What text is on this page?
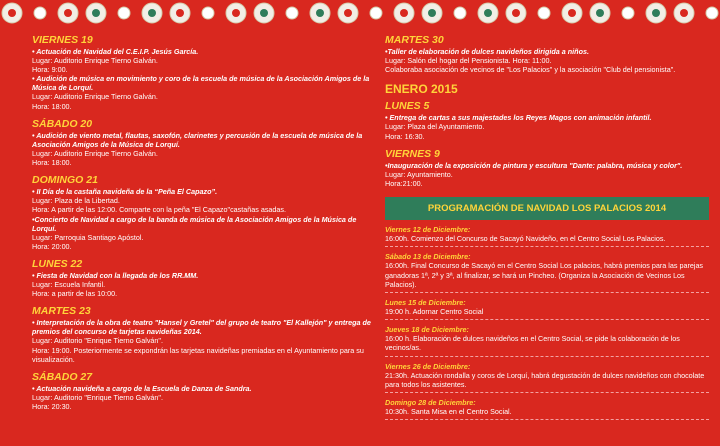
VIERNES 19
• Actuación de Navidad del C.E.I.P. Jesús García.
Lugar: Auditorio Enrique Tierno Galván.
Hora: 9:00.
• Audición de música en movimiento y coro de la escuela de música de la Asociación Amigos de la Música de Lorquí.
Lugar: Auditorio Enrique Tierno Galván.
Hora: 18:00.
SÁBADO 20
• Audición de viento metal, flautas, saxofón, clarinetes y percusión de la escuela de música de la Asociación Amigos de la Música de Lorquí.
Lugar: Auditorio Enrique Tierno Galván.
Hora: 18:00.
DOMINGO 21
• II Día de la castaña navideña de la “Peña El Capazo”.
Lugar: Plaza de la Libertad.
Hora: A partir de las 12:00. Comparte con la peña "El Capazo"castañas asadas.
•Concierto de Navidad a cargo de la banda de música de la Asociación Amigos de la Música de Lorquí.
Lugar: Parroquia Santiago Apóstol.
Hora: 20:00.
LUNES 22
• Fiesta de Navidad con la llegada de los RR.MM.
Lugar: Escuela Infantil.
Hora: a partir de las 10:00.
MARTES 23
• Interpretación de la obra de teatro "Hansel y Gretel" del grupo de teatro "El Kallejón" y entrega de premios del concurso de tarjetas navideñas 2014.
Lugar: Auditorio "Enrique Tierno Galván".
Hora: 19:00. Posteriormente se expondrán las tarjetas navideñas premiadas en el Ayuntamiento para su visualización.
SÁBADO 27
• Actuación navideña a cargo de la Escuela de Danza de Sandra.
Lugar: Auditorio "Enrique Tierno Galván".
Hora: 20:30.
MARTES 30
•Taller de elaboración de dulces navideños dirigida a niños.
Lugar: Salón del hogar del Pensionista. Hora: 11:00.
Colaboraba asociación de vecinos de "Los Palacios" y la asociación "Club del pensionista".
ENERO 2015
LUNES 5
• Entrega de cartas a sus majestades los Reyes Magos con animación infantil.
Lugar: Plaza del Ayuntamiento.
Hora: 16:30.
VIERNES 9
•Inauguración de la exposición de pintura y escultura "Dante: palabra, música y color".
Lugar: Ayuntamiento.
Hora:21:00.
PROGRAMACIÓN DE NAVIDAD LOS PALACIOS 2014
Viernes 12 de Diciembre:
16:00h. Comienzo del Concurso de Sacayó Navideño, en el Centro Social Los Palacios.
Sábado 13 de Diciembre:
16:00h. Final Concurso de Sacayó en el Centro Social Los palacios, habrá premios para las parejas ganadoras 1ª, 2ª y 3ª, al finalizar, se hará un Pincheo. (Organiza la Asociación de Vecinos Los Palacios).
Lunes 15 de Diciembre:
19:00 h. Adornar Centro Social
Jueves 18 de Diciembre:
16:00 h. Elaboración de dulces navideños en el Centro Social, se pide la colaboración de los vecinos/as.
Viernes 26 de Diciembre:
21:30h. Actuación rondalla y coros de Lorquí, habrá degustación de dulces navideños con chocolate para todos los asistentes.
Domingo 28 de Diciembre:
10:30h. Santa Misa en el Centro Social.
